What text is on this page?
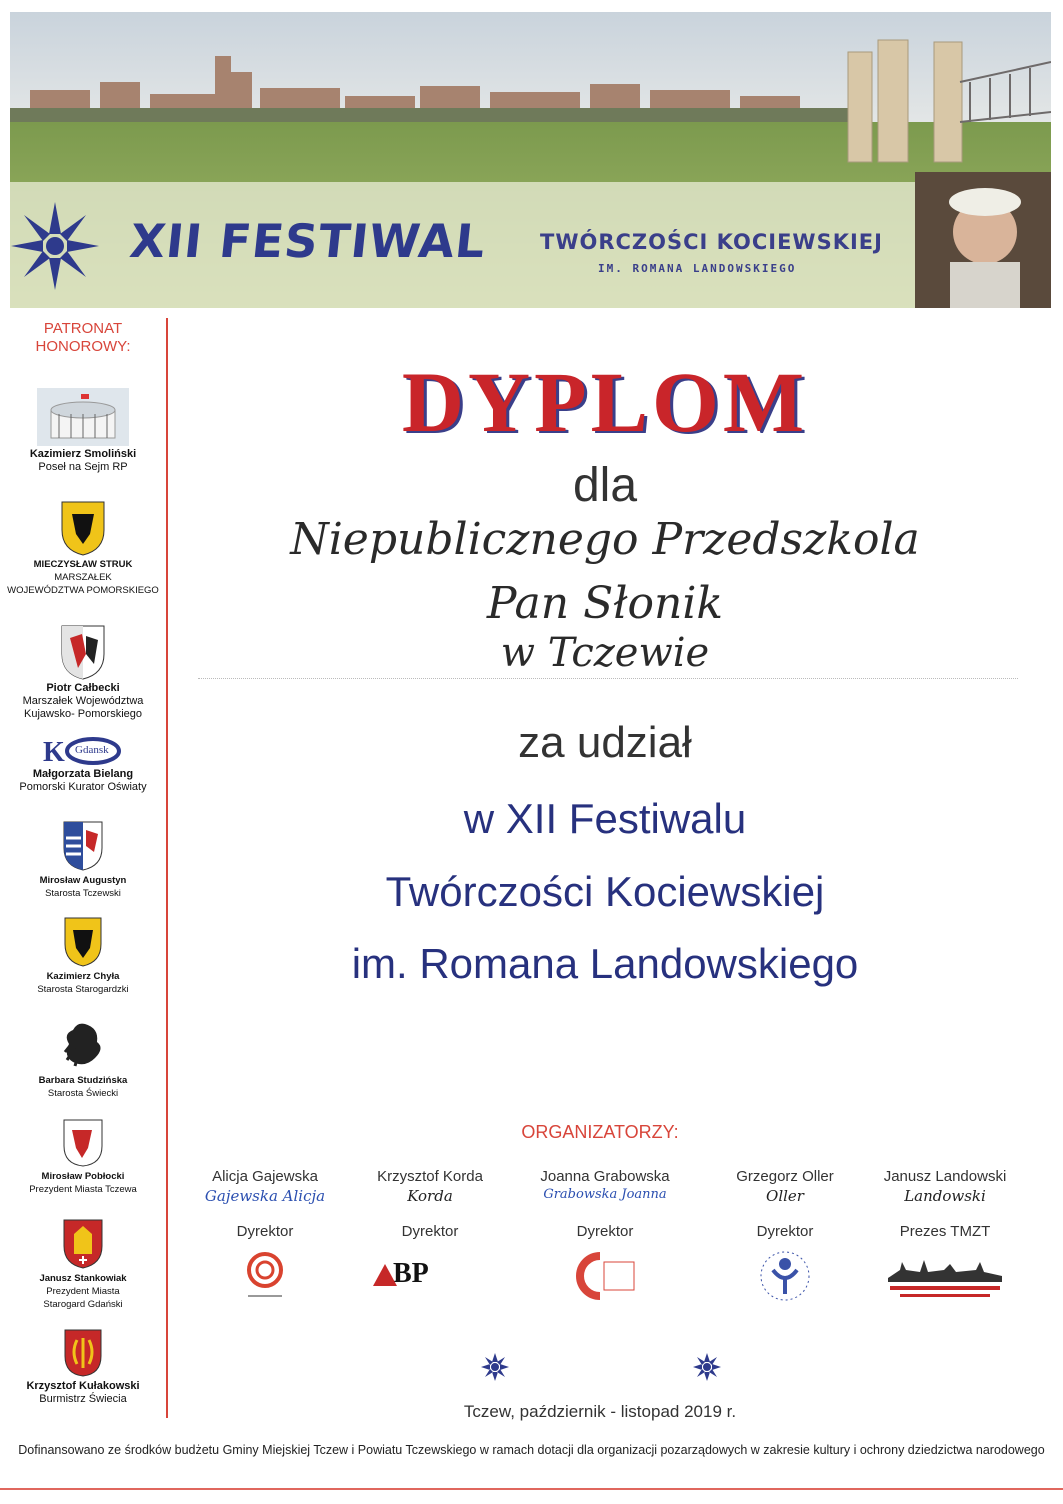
XII FESTIWAL TWÓRCZOŚCI KOCIEWSKIEJ
IM. ROMANA LANDOWSKIEGO
PATRONAT
HONOROWY:
Kazimierz Smoliński
Poseł na Sejm RP
MIECZYSŁAW STRUK
MARSZAŁEK
WOJEWÓDZTWA POMORSKIEGO
Piotr Całbecki
Marszałek Województwa
Kujawsko- Pomorskiego
K Gdansk
Małgorzata Bielang
Pomorski Kurator Oświaty
Mirosław Augustyn
Starosta Tczewski
Kazimierz Chyła
Starosta Starogardzki
Barbara Studzińska
Starosta Świecki
Mirosław Pobłocki
Prezydent Miasta Tczewa
Janusz Stankowiak
Prezydent Miasta
Starogard Gdański
Krzysztof Kułakowski
Burmistrz Świecia
DYPLOM
dla
Niepublicznego Przedszkola
Pan Słonik
w Tczewie
za udział
w XII Festiwalu
Twórczości Kociewskiej
im. Romana Landowskiego
ORGANIZATORZY:
Alicja Gajewska
Gajewska Alicja
Dyrektor
Krzysztof Korda
Korda
Dyrektor
BP
Joanna Grabowska
Grabowska Joanna
Dyrektor
Grzegorz Oller
Oller
Dyrektor
Janusz Landowski
Landowski
Prezes TMZT
Tczew, październik - listopad 2019 r.
Dofinansowano ze środków budżetu Gminy Miejskiej Tczew i Powiatu Tczewskiego w ramach dotacji dla organizacji pozarządowych w zakresie kultury i ochrony dziedzictwa narodowego
